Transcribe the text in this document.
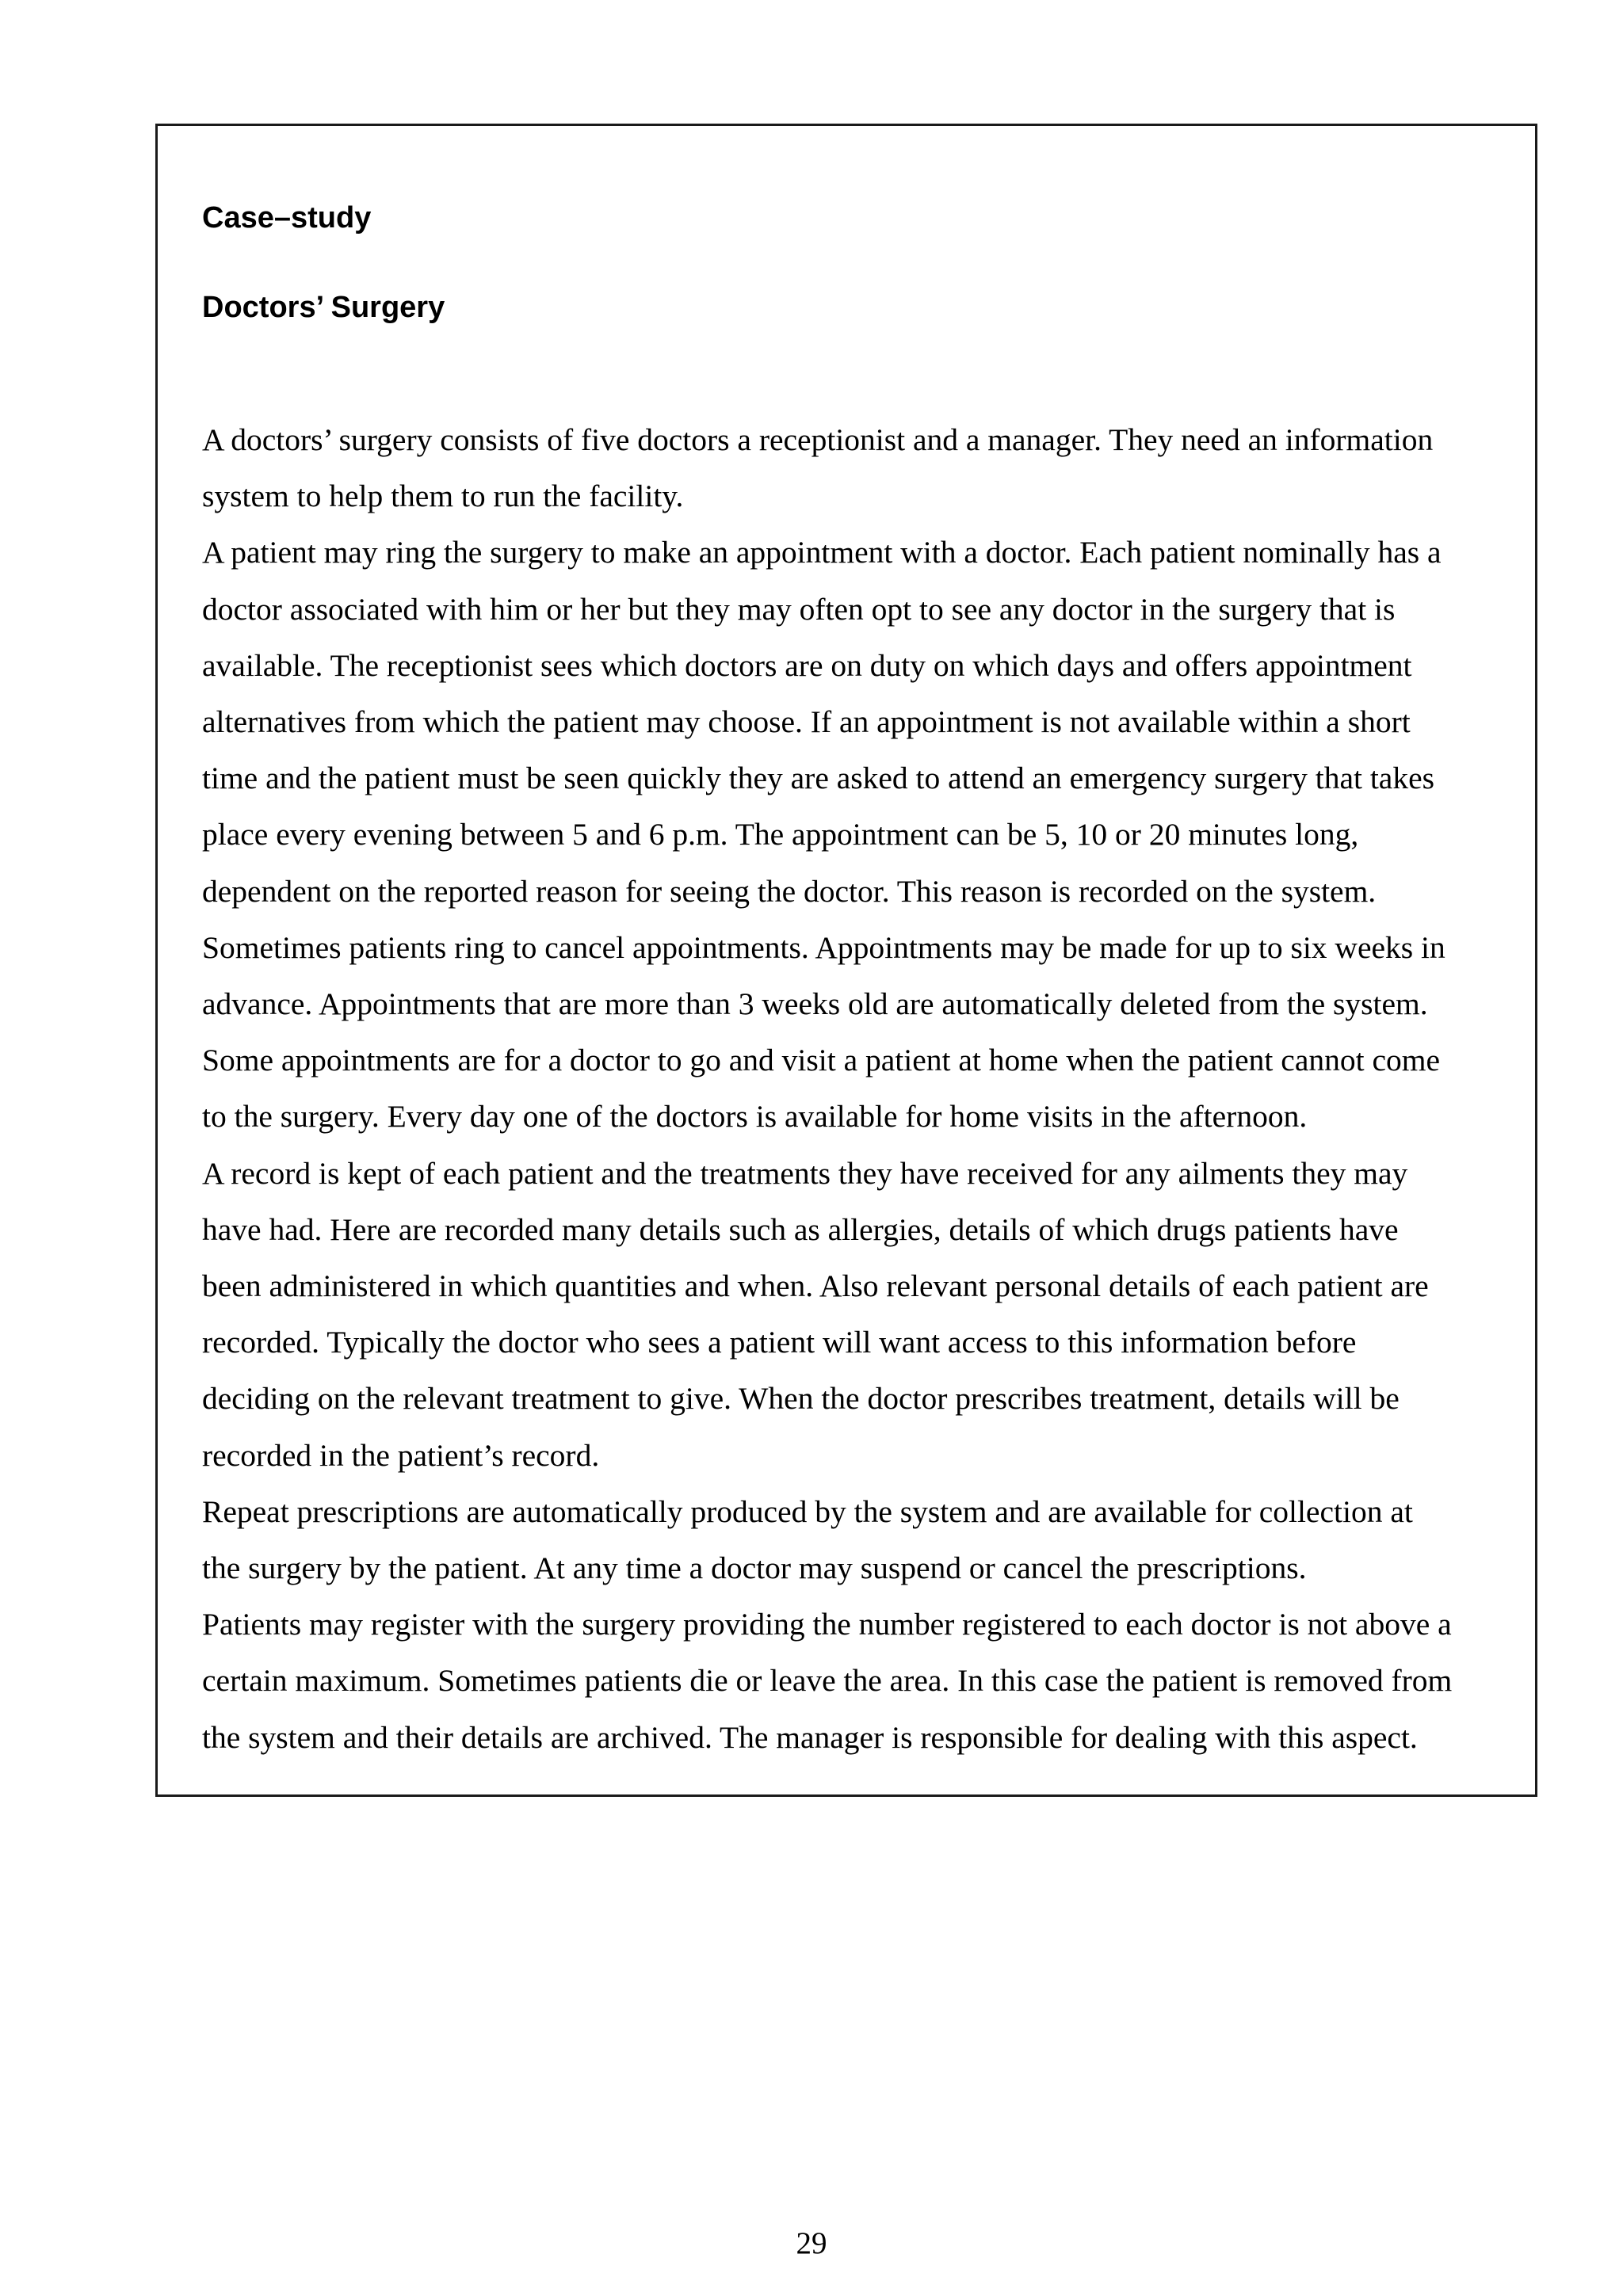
Case–study
Doctors’ Surgery
A doctors’ surgery consists of five doctors a receptionist and a manager. They need an information
system to help them to run the facility.
A patient may ring the surgery to make an appointment with a doctor. Each patient nominally has a
doctor associated with him or her but they may often opt to see any doctor in the surgery that is
available. The receptionist sees which doctors are on duty on which days and offers appointment
alternatives from which the patient may choose. If an appointment is not available within a short
time and the patient must be seen quickly they are asked to attend an emergency surgery that takes
place every evening between 5 and 6 p.m. The appointment can be 5, 10 or 20 minutes long,
dependent on the reported reason for seeing the doctor. This reason is recorded on the system.
Sometimes patients ring to cancel appointments. Appointments may be made for up to six weeks in
advance. Appointments that are more than 3 weeks old are automatically deleted from the system.
Some appointments are for a doctor to go and visit a patient at home when the patient cannot come
to the surgery. Every day one of the doctors is available for home visits in the afternoon.
A record is kept of each patient and the treatments they have received for any ailments they may
have had. Here are recorded many details such as allergies, details of which drugs patients have
been administered in which quantities and when. Also relevant personal details of each patient are
recorded. Typically the doctor who sees a patient will want access to this information before
deciding on the relevant treatment to give. When the doctor prescribes treatment, details will be
recorded in the patient’s record.
Repeat prescriptions are automatically produced by the system and are available for collection at
the surgery by the patient. At any time a doctor may suspend or cancel the prescriptions.
Patients may register with the surgery providing the number registered to each doctor is not above a
certain maximum. Sometimes patients die or leave the area. In this case the patient is removed from
the system and their details are archived. The manager is responsible for dealing with this aspect.
29
